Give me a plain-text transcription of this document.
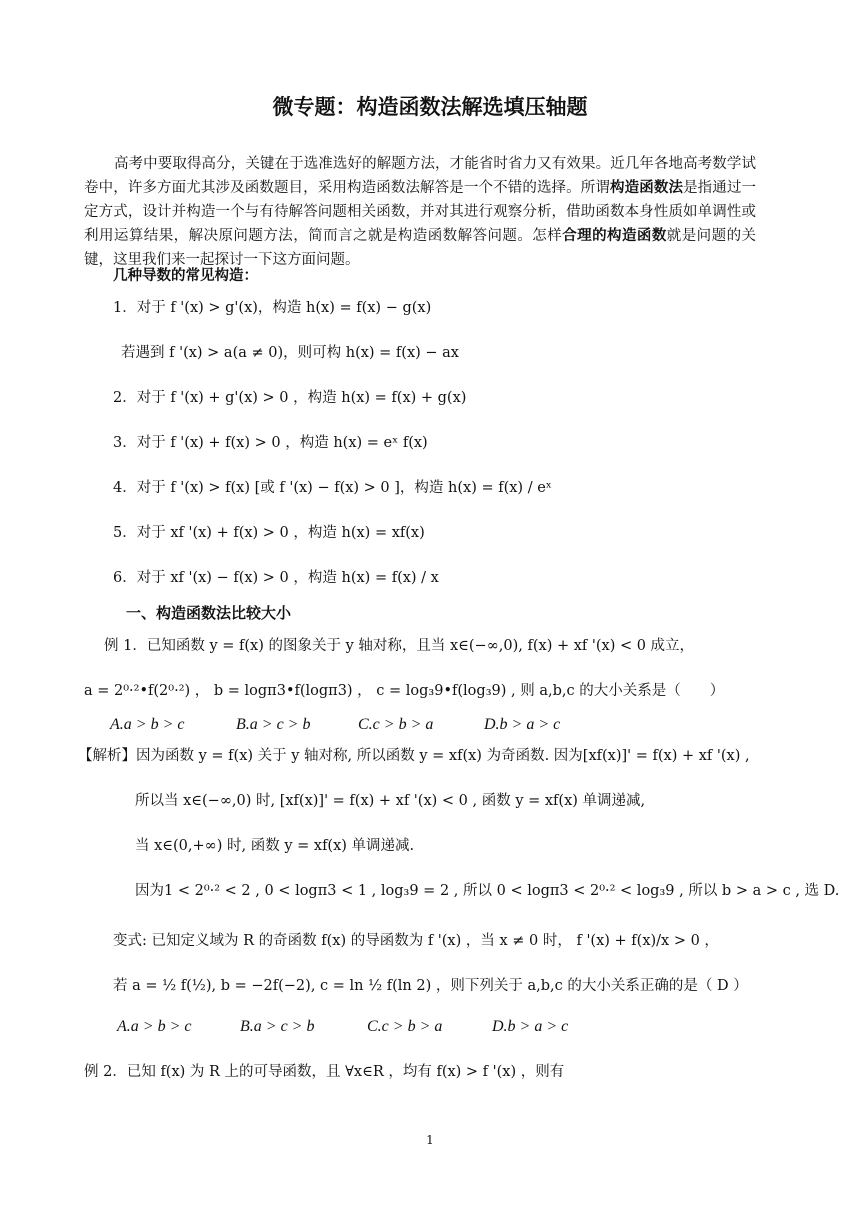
微专题：构造函数法解选填压轴题
高考中要取得高分，关键在于选准选好的解题方法，才能省时省力又有效果。近几年各地高考数学试卷中，许多方面尤其涉及函数题目，采用构造函数法解答是一个不错的选择。所谓构造函数法是指通过一定方式，设计并构造一个与有待解答问题相关函数，并对其进行观察分析，借助函数本身性质如单调性或利用运算结果，解决原问题方法，简而言之就是构造函数解答问题。怎样合理的构造函数就是问题的关键，这里我们来一起探讨一下这方面问题。
几种导数的常见构造：
1．对于 f '(x) > g'(x)，构造 h(x) = f(x) − g(x)
若遇到 f '(x) > a(a ≠ 0)，则可构 h(x) = f(x) − ax
2．对于 f '(x) + g'(x) > 0 ，构造 h(x) = f(x) + g(x)
3．对于 f '(x) + f(x) > 0 ，构造 h(x) = eˣ f(x)
4．对于 f '(x) > f(x) [或 f '(x) − f(x) > 0 ]，构造 h(x) = f(x) / eˣ
5．对于 xf '(x) + f(x) > 0 ，构造 h(x) = xf(x)
6．对于 xf '(x) − f(x) > 0 ，构造 h(x) = f(x) / x
一、构造函数法比较大小
例 1．已知函数 y = f(x) 的图象关于 y 轴对称，且当 x∈(−∞,0), f(x) + xf '(x) < 0 成立，
a = 2⁰·²•f(2⁰·²) ， b = logπ3•f(logπ3) ， c = log₃9•f(log₃9) , 则 a,b,c 的大小关系是（　　）
A.a > b > c	B.a > c > b	C.c > b > a	D.b > a > c
【解析】因为函数 y = f(x) 关于 y 轴对称, 所以函数 y = xf(x) 为奇函数. 因为[xf(x)]' = f(x) + xf '(x) ,
所以当 x∈(−∞,0) 时, [xf(x)]' = f(x) + xf '(x) < 0 , 函数 y = xf(x) 单调递减,
当 x∈(0,+∞) 时, 函数 y = xf(x) 单调递减.
因为1 < 2⁰·² < 2 , 0 < logπ3 < 1 , log₃9 = 2 , 所以 0 < logπ3 < 2⁰·² < log₃9 , 所以 b > a > c , 选 D.
变式: 已知定义域为 R 的奇函数 f(x) 的导函数为 f '(x) ，当 x ≠ 0 时， f '(x) + f(x)/x > 0 ，
若 a = ½ f(½), b = −2f(−2), c = ln ½ f(ln 2) ，则下列关于 a,b,c 的大小关系正确的是（ D ）
A.a > b > c	B.a > c > b	C.c > b > a	D.b > a > c
例 2．已知 f(x) 为 R 上的可导函数，且 ∀x∈R ，均有 f(x) > f '(x) ，则有
1
